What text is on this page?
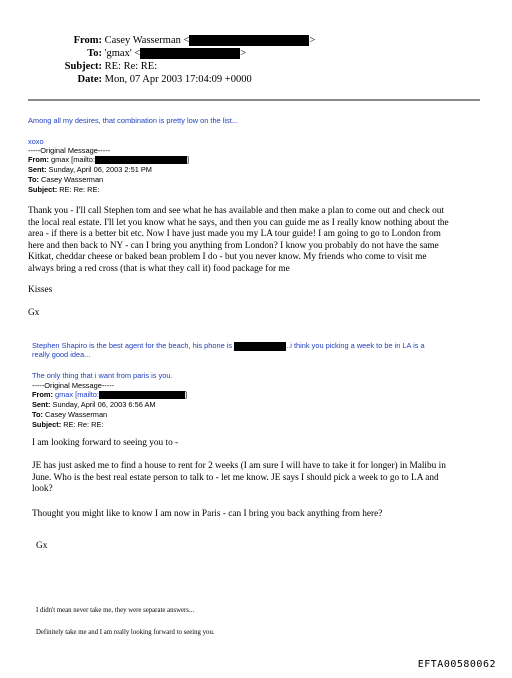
From: Casey Wasserman <	>
To: 'gmax' <	>
Subject: RE: Re: RE:
Date: Mon, 07 Apr 2003 17:04:09 +0000
Among all my desires, that combination is pretty low on the list...
xoxo
-----Original Message-----
From: gmax [mailto:	]
Sent: Sunday, April 06, 2003 2:51 PM
To: Casey Wasserman
Subject: RE: Re: RE:
Thank you - I'll call Stephen tom and see what he has available and then make a plan to come out and check out
the local real estate. I'll let you know what he says, and then you can guide me as I really know nothing about the
area - if there is a better bit etc. Now I have just made you my LA tour guide! I am going to go to London from
here and then back to NY - can I bring you anything from London? I know you probably do not have the same
Kitkat, cheddar cheese or baked bean problem I do - but you never know. My friends who come to visit me
always bring a red cross (that is what they call it) food package for me
Kisses
Gx
Stephen Shapiro is the best agent for the beach, his phone is	..i think you picking a week to be in LA is a
really good idea...
The only thing that i want from paris is you.
-----Original Message-----
From: gmax [mailto:	]
Sent: Sunday, April 06, 2003 6:56 AM
To: Casey Wasserman
Subject: RE: Re: RE:
I am looking forward to seeing you to -
JE has just asked me to find a house to rent for 2 weeks (I am sure I will have to take it for longer) in Malibu in
June. Who is the best real estate person to talk to - let me know. JE says I should pick a week to go to LA and
look?
Thought you might like to know I am now in Paris - can I bring you back anything from here?
Gx
I didn't mean never take me, they were separate answers...
Definitely take me and I am really looking forward to seeing you.
EFTA00580062
